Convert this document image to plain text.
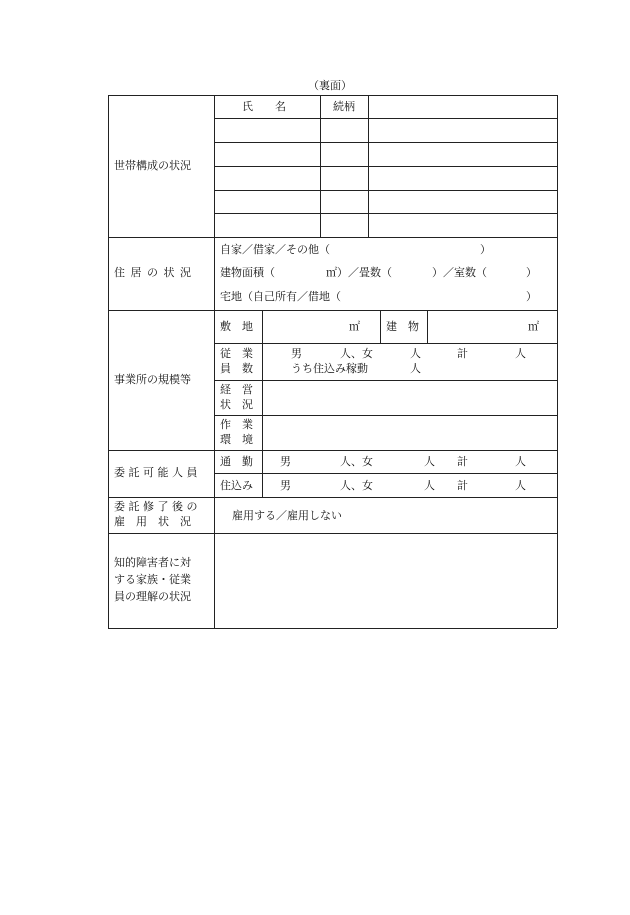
（裏面）
世帯構成の状況
氏　　名	続柄
住 居 の 状 況
自家／借家／その他（	）
建物面積（	㎡）／畳数（	）／室数（	）
宅地（自己所有／借地（	）
事業所の規模等
敷　地	㎡ 建　物	㎡
従　業
員　数
男	人、女	人	計	人
うち住込み稼動	人
経　営
状　況
作　業
環　境
委 託 可 能 人 員
通　勤 男	人、女	人 計	人
住込み 男	人、女	人 計	人
委 託 修 了 後 の
雇　用　状　況	雇用する／雇用しない
知的障害者に対
する家族・従業
員の理解の状況
